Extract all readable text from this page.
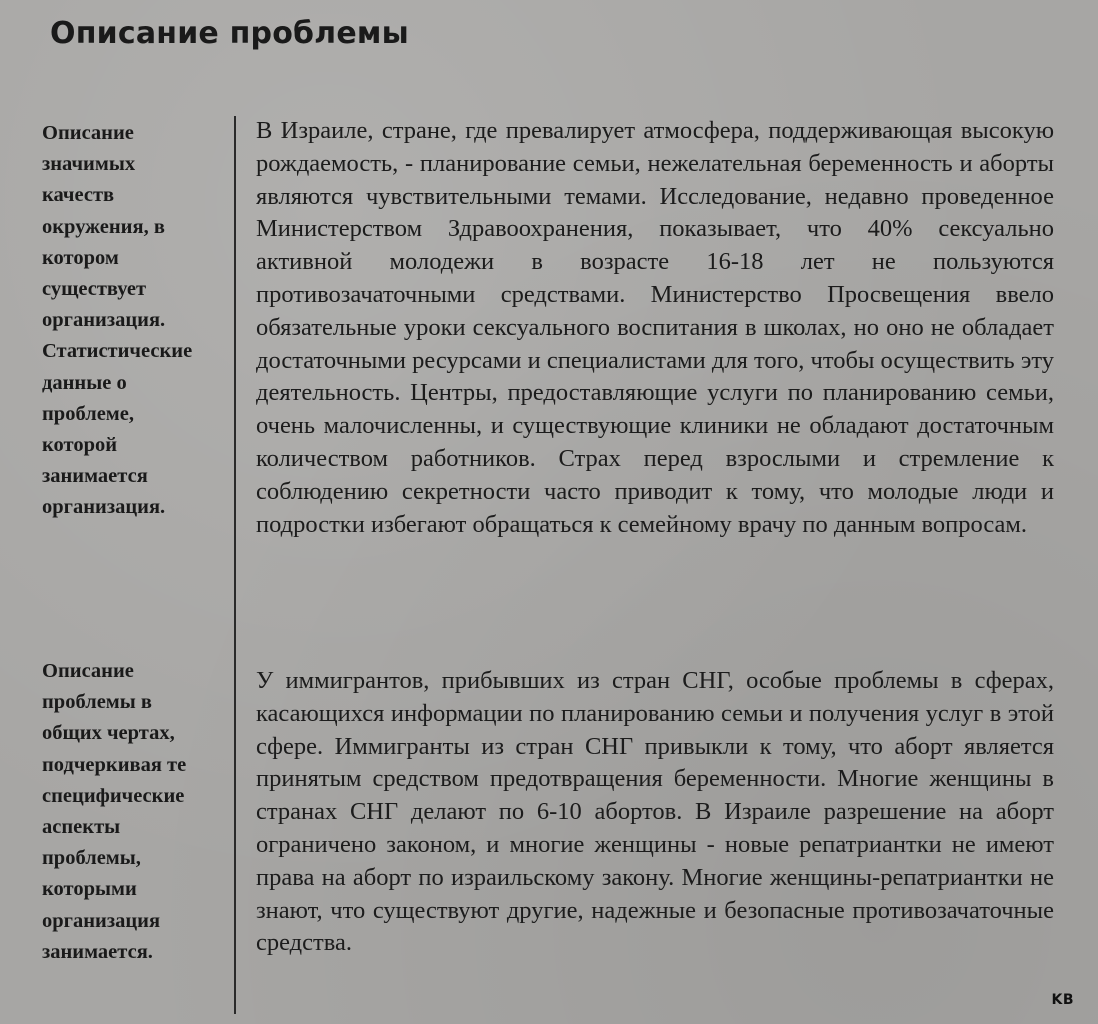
Описание проблемы
Описание
значимых
качеств
окружения, в
котором
существует
организация.
Статистические
данные о
проблеме,
которой
занимается
организация.

В Израиле, стране, где превалирует атмосфера, поддерживающая высокую рождаемость, - планирование семьи, нежелательная беременность и аборты являются чувствительными темами. Исследование, недавно проведенное Министерством Здравоохранения, показывает, что 40% сексуально активной молодежи в возрасте 16-18 лет не пользуются противозачаточными средствами. Министерство Просвещения ввело обязательные уроки сексуального воспитания в школах, но оно не обладает достаточными ресурсами и специалистами для того, чтобы осуществить эту деятельность. Центры, предоставляющие услуги по планированию семьи, очень малочисленны, и существующие клиники не обладают достаточным количеством работников. Страх перед взрослыми и стремление к соблюдению секретности часто приводит к тому, что молодые люди и подростки избегают обращаться к семейному врачу по данным вопросам.

Описание
проблемы в
общих чертах,
подчеркивая те
специфические
аспекты
проблемы,
которыми
организация
занимается.

У иммигрантов, прибывших из стран СНГ, особые проблемы в сферах, касающихся информации по планированию семьи и получения услуг в этой сфере. Иммигранты из стран СНГ привыкли к тому, что аборт является принятым средством предотвращения беременности. Многие женщины в странах СНГ делают по 6-10 абортов. В Израиле разрешение на аборт ограничено законом, и многие женщины - новые репатриантки не имеют права на аборт по израильскому закону. Многие женщины-репатриантки не знают, что существуют другие, надежные и безопасные противозачаточные средства.

KB
